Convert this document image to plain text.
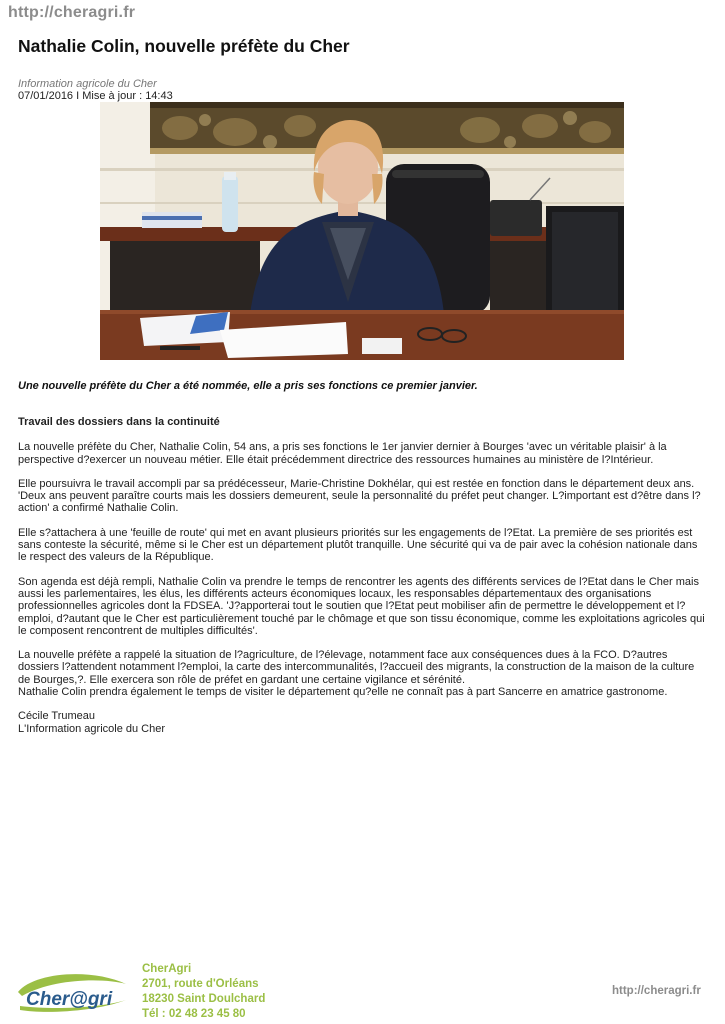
http://cheragri.fr
Nathalie Colin, nouvelle préfète du Cher
Information agricole du Cher
07/01/2016 I Mise à jour : 14:43
Une nouvelle préfète du Cher a été nommée, elle a pris ses fonctions ce premier janvier.
Travail des dossiers dans la continuité

La nouvelle préfète du Cher, Nathalie Colin, 54 ans, a pris ses fonctions le 1er janvier dernier à Bourges 'avec un véritable plaisir' à la perspective d?exercer un nouveau métier. Elle était précédemment directrice des ressources humaines au ministère de l?Intérieur.

Elle poursuivra le travail accompli par sa prédécesseur, Marie-Christine Dokhélar, qui est restée en fonction dans le département deux ans. 'Deux ans peuvent paraître courts mais les dossiers demeurent, seule la personnalité du préfet peut changer. L?important est d?être dans l?action' a confirmé Nathalie Colin.

Elle s?attachera à une 'feuille de route' qui met en avant plusieurs priorités sur les engagements de l?Etat. La première de ses priorités est sans conteste la sécurité, même si le Cher est un département plutôt tranquille. Une sécurité qui va de pair avec la cohésion nationale dans le respect des valeurs de la République.

Son agenda est déjà rempli, Nathalie Colin va prendre le temps de rencontrer les agents des différents services de l?Etat dans le Cher mais aussi les parlementaires, les élus, les différents acteurs économiques locaux, les responsables départementaux des organisations professionnelles agricoles dont la FDSEA. 'J?apporterai tout le soutien que l?Etat peut mobiliser afin de permettre le développement et l?emploi, d?autant que le Cher est particulièrement touché par le chômage et que son tissu économique, comme les exploitations agricoles qui le composent rencontrent de multiples difficultés'.

La nouvelle préfète a rappelé la situation de l?agriculture, de l?élevage, notamment face aux conséquences dues à la FCO. D?autres dossiers l?attendent notamment l?emploi, la carte des intercommunalités, l?accueil des migrants, la construction de la maison de la culture de Bourges,?. Elle exercera son rôle de préfet en gardant une certaine vigilance et sérénité.

Nathalie Colin prendra également le temps de visiter le département qu?elle ne connaît pas à part Sancerre en amatrice gastronome.

Cécile Trumeau
L'Information agricole du Cher
Cher@gri
CherAgri
2701, route d'Orléans
18230 Saint Doulchard
Tél : 02 48 23 45 80
http://cheragri.fr
